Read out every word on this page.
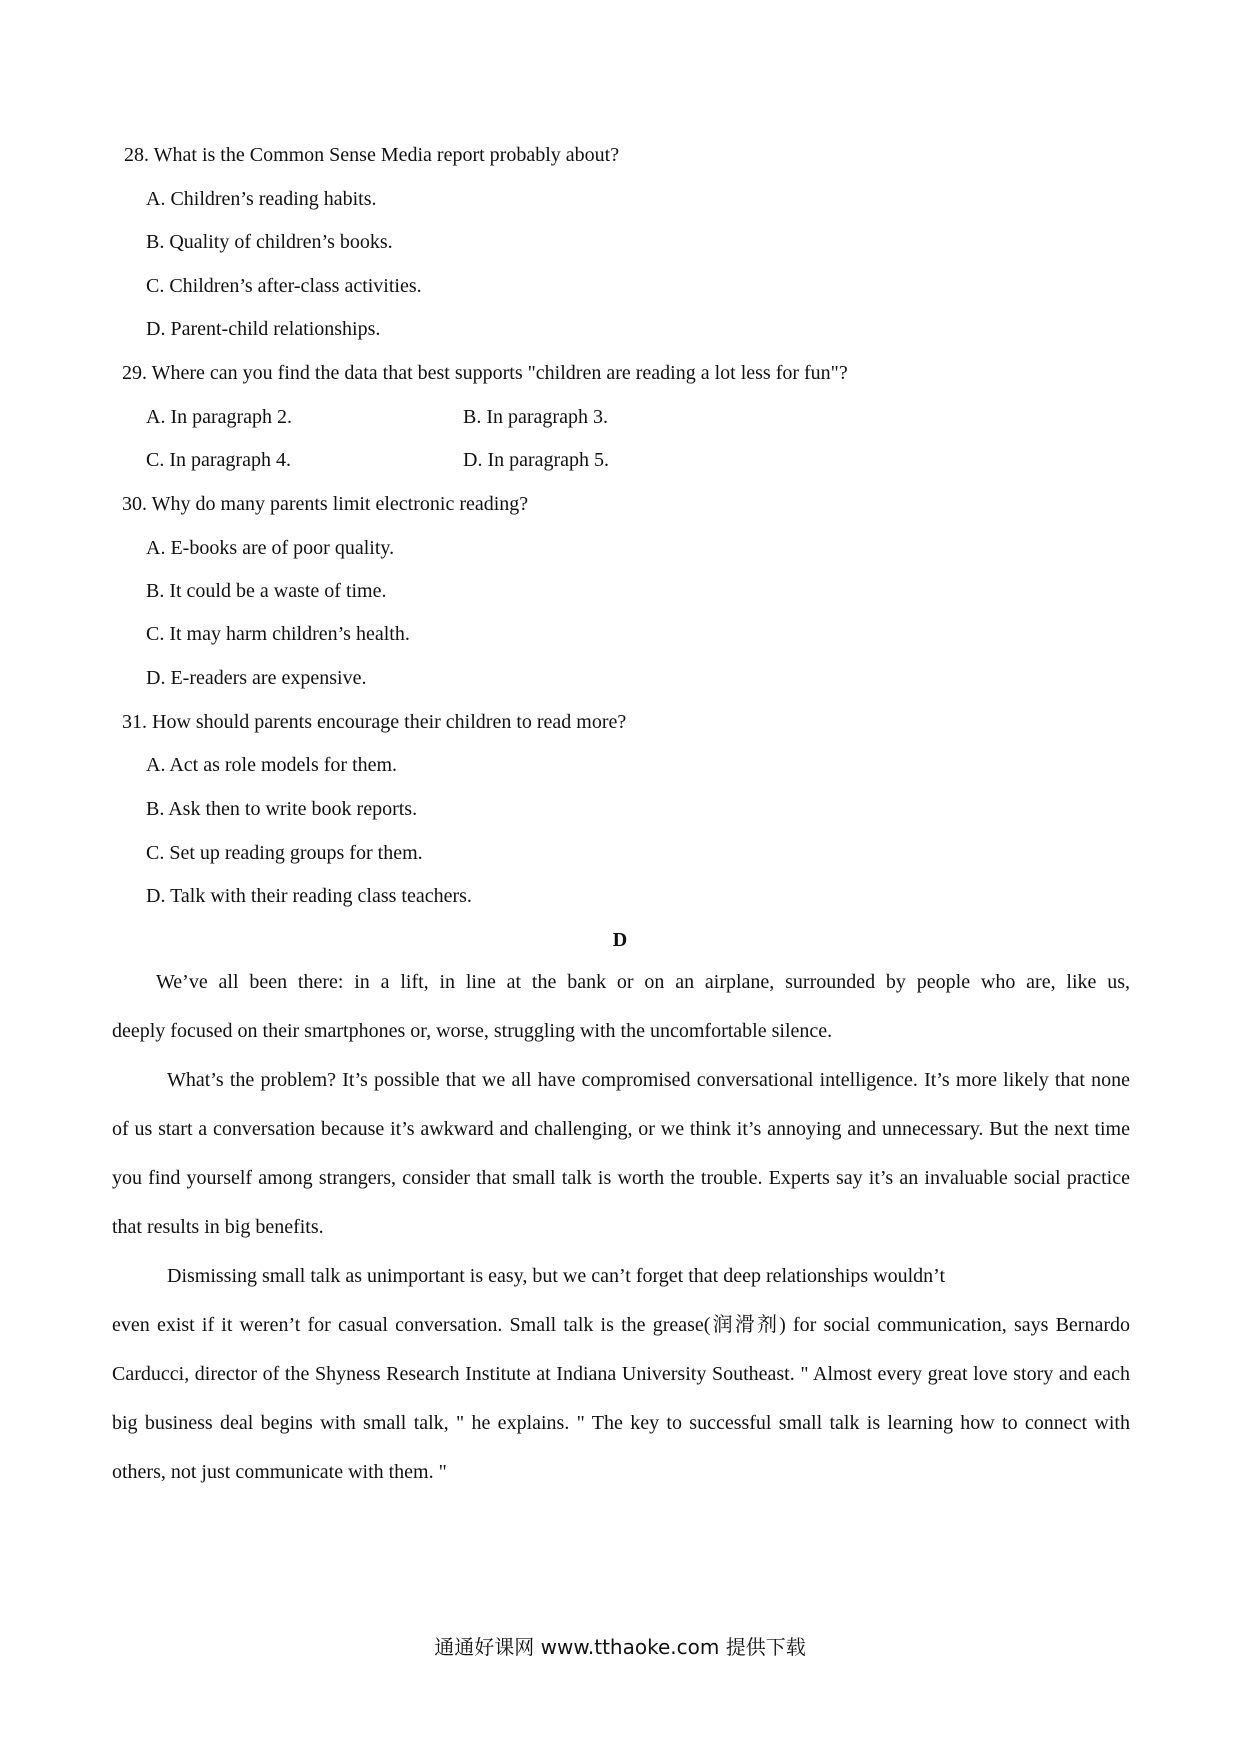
28. What is the Common Sense Media report probably about?
A. Children’s reading habits.
B. Quality of children’s books.
C. Children’s after-class activities.
D. Parent-child relationships.
29. Where can you find the data that best supports "children are reading a lot less for fun"?
A. In paragraph 2.	B. In paragraph 3.
C. In paragraph 4.	D. In paragraph 5.
30. Why do many parents limit electronic reading?
A. E-books are of poor quality.
B. It could be a waste of time.
C. It may harm children’s health.
D. E-readers are expensive.
31. How should parents encourage their children to read more?
A. Act as role models for them.
B. Ask then to write book reports.
C. Set up reading groups for them.
D. Talk with their reading class teachers.
D

We’ve all been there: in a lift, in line at the bank or on an airplane, surrounded by people who are, like us,

deeply focused on their smartphones or, worse, struggling with the uncomfortable silence.

What’s the problem? It’s possible that we all have compromised conversational intelligence. It’s more likely that none of us start a conversation because it’s awkward and challenging, or we think it’s annoying and unnecessary. But the next time you find yourself among strangers, consider that small talk is worth the trouble. Experts say it’s an invaluable social practice that results in big benefits.

Dismissing small talk as unimportant is easy, but we can’t forget that deep relationships wouldn’t

even exist if it weren’t for casual conversation. Small talk is the grease(润滑剂) for social communication, says Bernardo Carducci, director of the Shyness Research Institute at Indiana University Southeast. " Almost every great love story and each big business deal begins with small talk, " he explains. " The key to successful small talk is learning how to connect with others, not just communicate with them. "

通通好课网 www.tthaoke.com 提供下载
